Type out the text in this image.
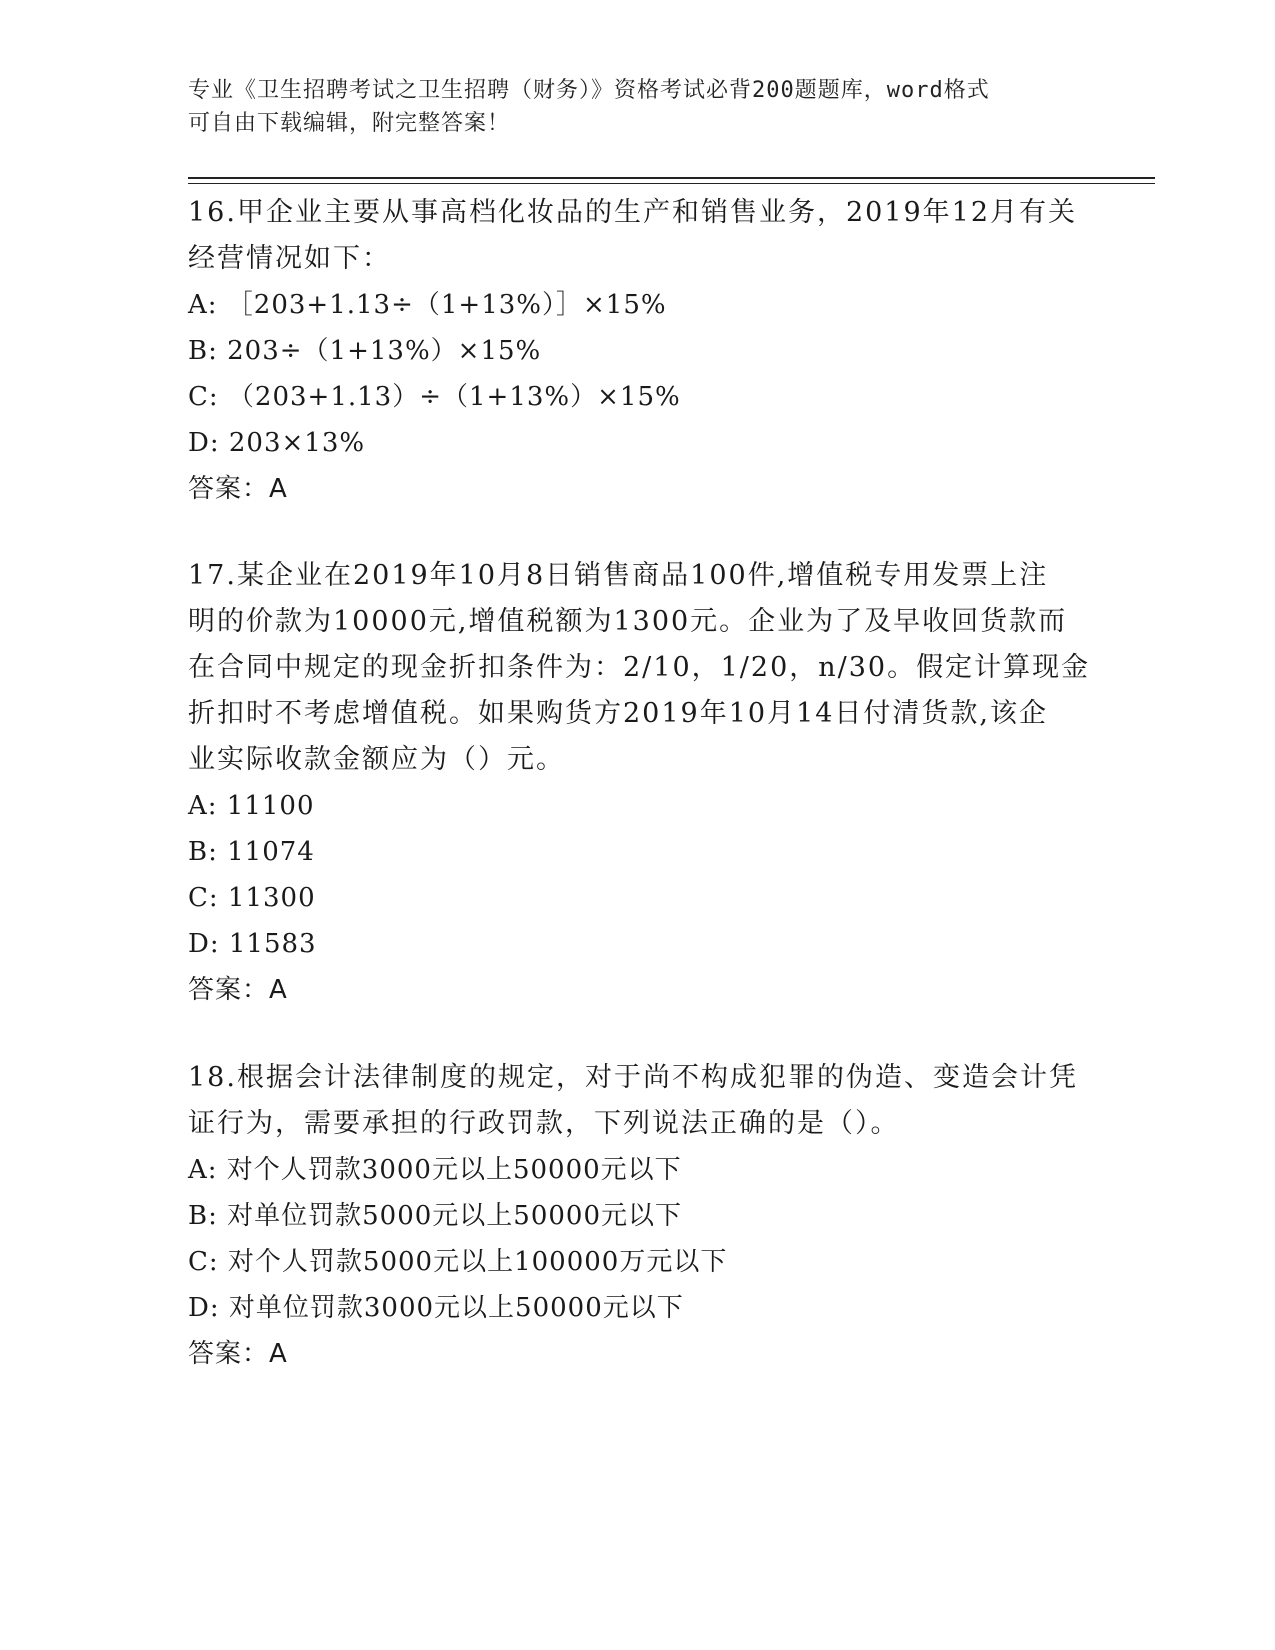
专业《卫生招聘考试之卫生招聘（财务）》资格考试必背200题题库，word格式
可自由下载编辑，附完整答案！
16.甲企业主要从事高档化妆品的生产和销售业务，2019年12月有关
经营情况如下：
A: ［203+1.13÷（1+13%）］×15%
B: 203÷（1+13%）×15%
C: （203+1.13）÷（1+13%）×15%
D: 203×13%
答案：A
17.某企业在2019年10月8日销售商品100件,增值税专用发票上注
明的价款为10000元,增值税额为1300元。企业为了及早收回货款而
在合同中规定的现金折扣条件为：2/10，1/20，n/30。假定计算现金
折扣时不考虑增值税。如果购货方2019年10月14日付清货款,该企
业实际收款金额应为（）元。
A: 11100
B: 11074
C: 11300
D: 11583
答案：A
18.根据会计法律制度的规定，对于尚不构成犯罪的伪造、变造会计凭
证行为，需要承担的行政罚款，下列说法正确的是（）。
A: 对个人罚款3000元以上50000元以下
B: 对单位罚款5000元以上50000元以下
C: 对个人罚款5000元以上100000万元以下
D: 对单位罚款3000元以上50000元以下
答案：A
